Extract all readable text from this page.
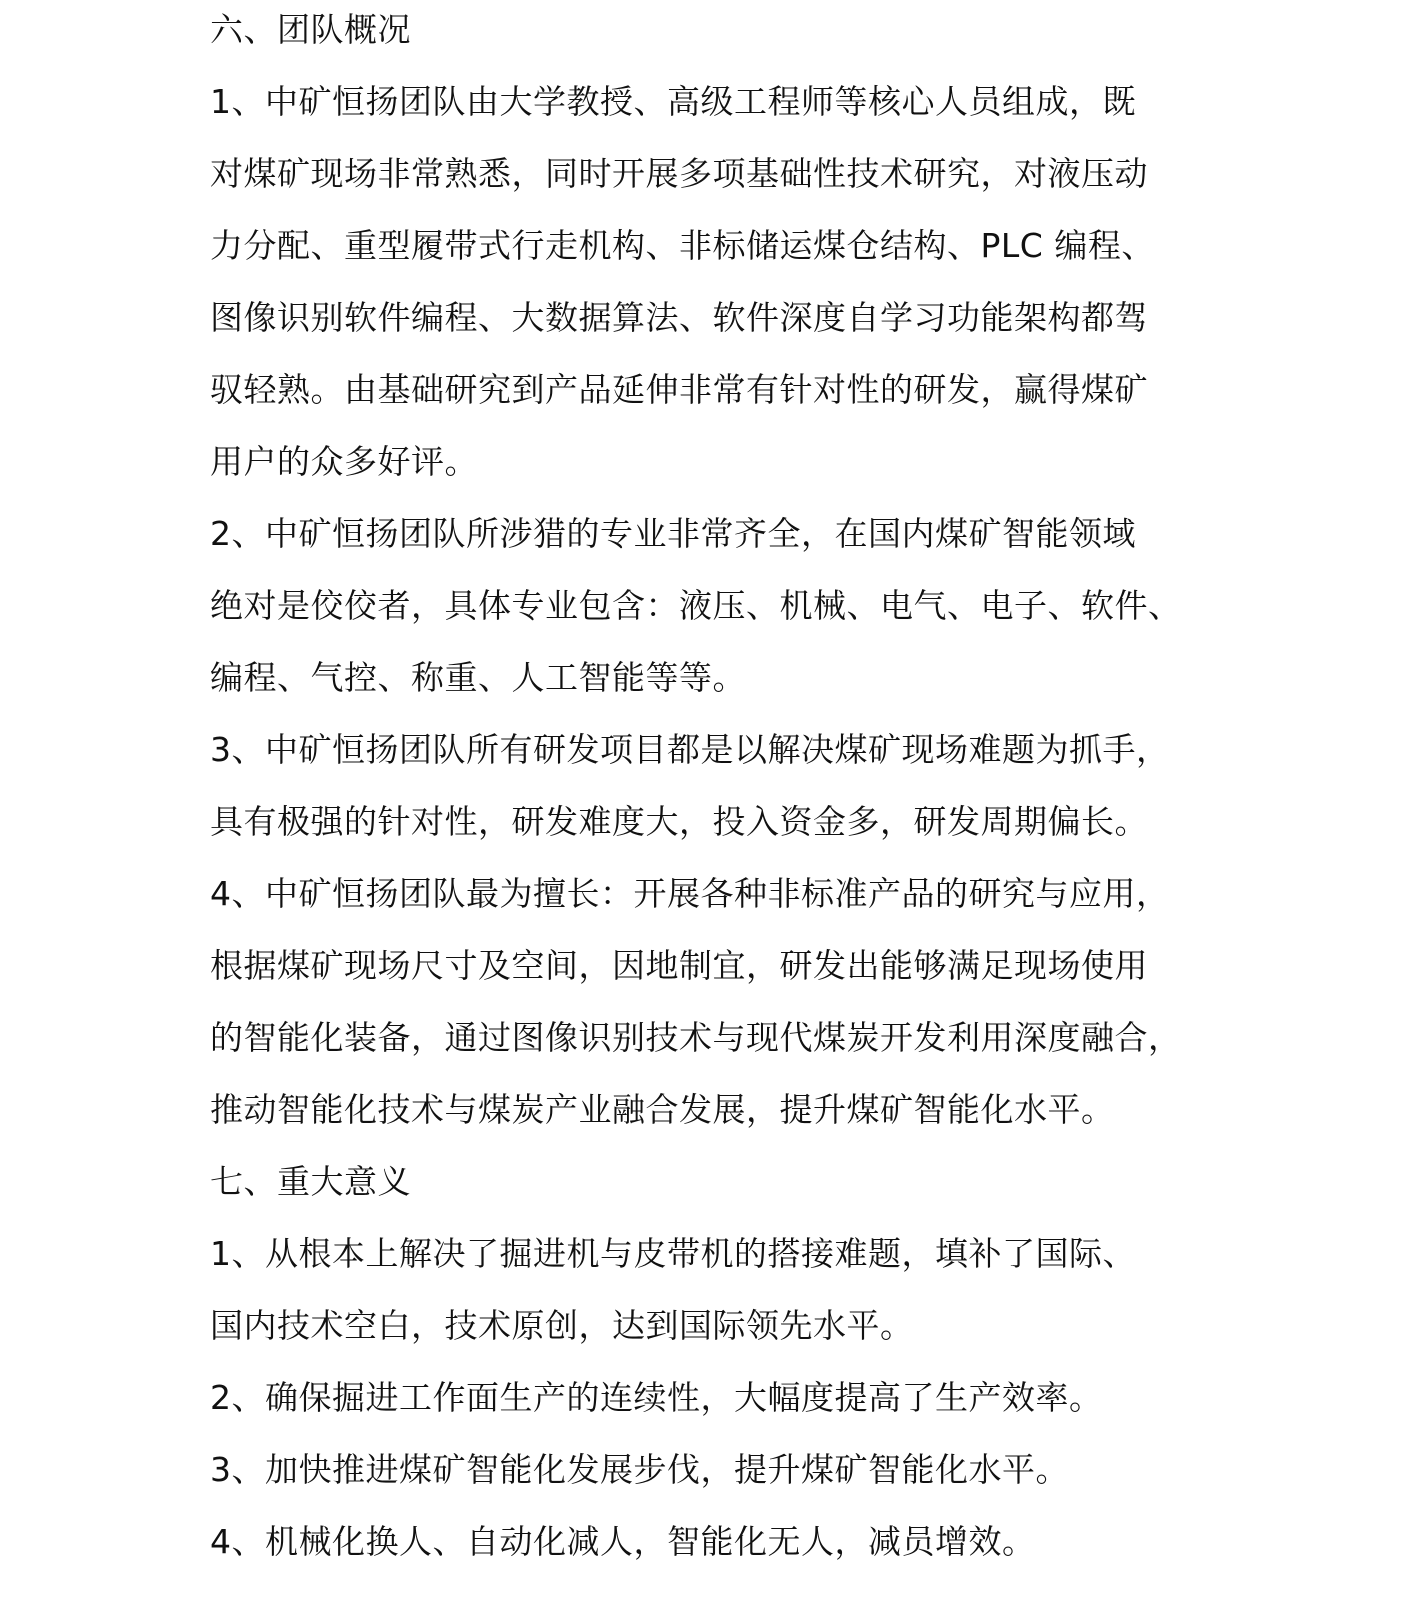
六、团队概况
1、中矿恒扬团队由大学教授、高级工程师等核心人员组成，既
对煤矿现场非常熟悉，同时开展多项基础性技术研究，对液压动
力分配、重型履带式行走机构、非标储运煤仓结构、PLC 编程、
图像识别软件编程、大数据算法、软件深度自学习功能架构都驾
驭轻熟。由基础研究到产品延伸非常有针对性的研发，赢得煤矿
用户的众多好评。
2、中矿恒扬团队所涉猎的专业非常齐全，在国内煤矿智能领域
绝对是佼佼者，具体专业包含：液压、机械、电气、电子、软件、
编程、气控、称重、人工智能等等。
3、中矿恒扬团队所有研发项目都是以解决煤矿现场难题为抓手，
具有极强的针对性，研发难度大，投入资金多，研发周期偏长。
4、中矿恒扬团队最为擅长：开展各种非标准产品的研究与应用，
根据煤矿现场尺寸及空间，因地制宜，研发出能够满足现场使用
的智能化装备，通过图像识别技术与现代煤炭开发利用深度融合，
推动智能化技术与煤炭产业融合发展，提升煤矿智能化水平。
七、重大意义
1、从根本上解决了掘进机与皮带机的搭接难题，填补了国际、
国内技术空白，技术原创，达到国际领先水平。
2、确保掘进工作面生产的连续性，大幅度提高了生产效率。
3、加快推进煤矿智能化发展步伐，提升煤矿智能化水平。
4、机械化换人、自动化减人，智能化无人，减员增效。
